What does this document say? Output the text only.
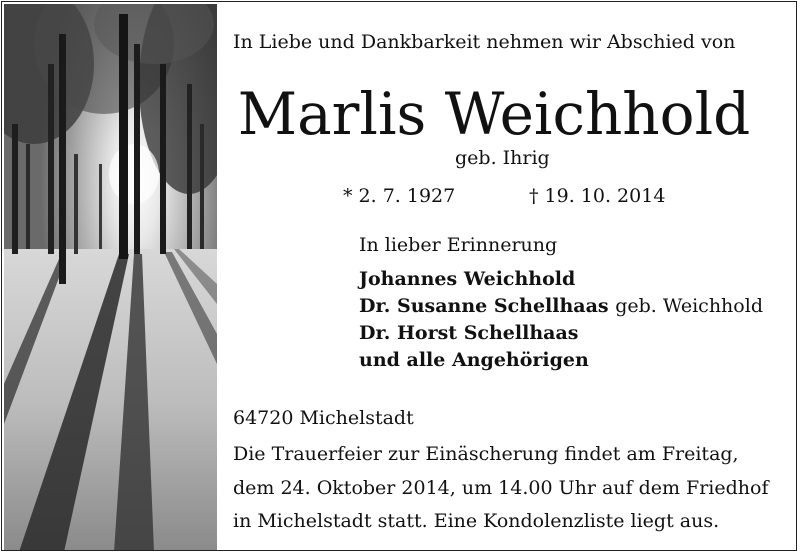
In Liebe und Dankbarkeit nehmen wir Abschied von
Marlis Weichhold
geb. Ihrig
* 2. 7. 1927	† 19. 10. 2014
In lieber Erinnerung
Johannes Weichhold
Dr. Susanne Schellhaas geb. Weichhold
Dr. Horst Schellhaas
und alle Angehörigen
64720 Michelstadt
Die Trauerfeier zur Einäscherung findet am Freitag,
dem 24. Oktober 2014, um 14.00 Uhr auf dem Friedhof
in Michelstadt statt. Eine Kondolenzliste liegt aus.
